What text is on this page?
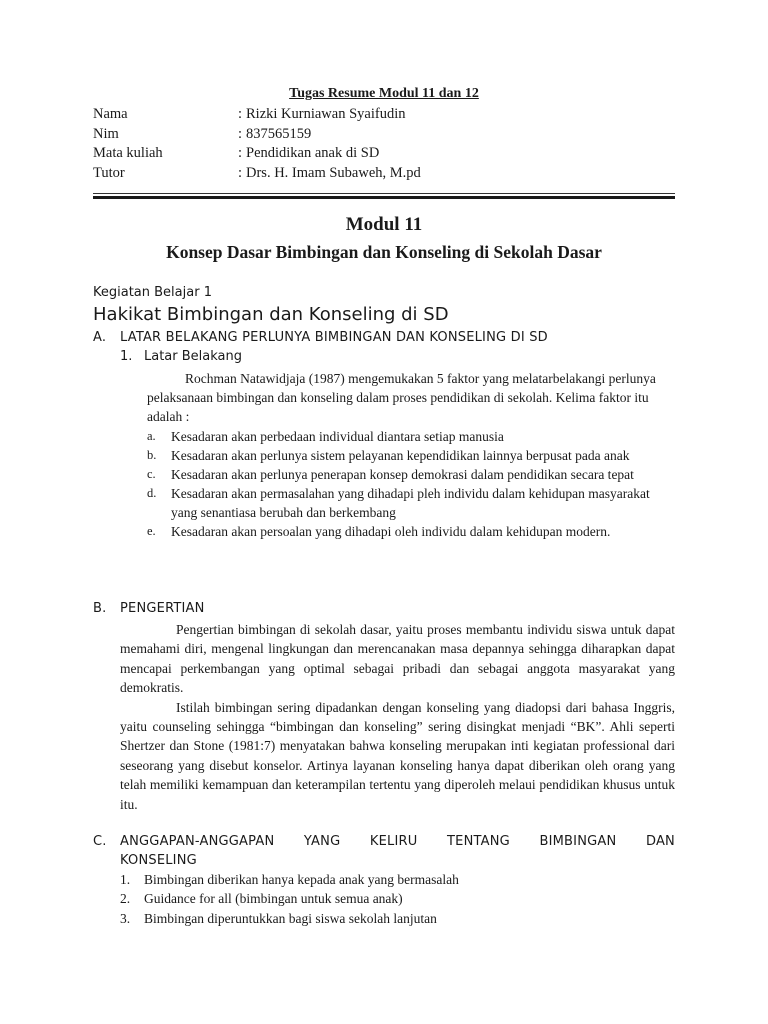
Tugas Resume Modul 11 dan 12
Nama	: Rizki Kurniawan Syaifudin
Nim	: 837565159
Mata kuliah	: Pendidikan anak di SD
Tutor	: Drs. H. Imam Subaweh, M.pd
Modul 11
Konsep Dasar Bimbingan dan Konseling di Sekolah Dasar
Kegiatan Belajar 1
Hakikat Bimbingan dan Konseling di SD
A. LATAR BELAKANG PERLUNYA BIMBINGAN DAN KONSELING DI SD
1. Latar Belakang
Rochman Natawidjaja (1987) mengemukakan 5 faktor yang melatarbelakangi perlunya pelaksanaan bimbingan dan konseling dalam proses pendidikan di sekolah. Kelima faktor itu adalah :
a. Kesadaran akan perbedaan individual diantara setiap manusia
b. Kesadaran akan perlunya sistem pelayanan kependidikan lainnya berpusat pada anak
c. Kesadaran akan perlunya penerapan konsep demokrasi dalam pendidikan secara tepat
d. Kesadaran akan permasalahan yang dihadapi pleh individu dalam kehidupan masyarakat yang senantiasa berubah dan berkembang
e. Kesadaran akan persoalan yang dihadapi oleh individu dalam kehidupan modern.
B. PENGERTIAN

Pengertian bimbingan di sekolah dasar, yaitu proses membantu individu siswa untuk dapat memahami diri, mengenal lingkungan dan merencanakan masa depannya sehingga diharapkan dapat mencapai perkembangan yang optimal sebagai pribadi dan sebagai anggota masyarakat yang demokratis.

Istilah bimbingan sering dipadankan dengan konseling yang diadopsi dari bahasa Inggris, yaitu counseling sehingga “bimbingan dan konseling” sering disingkat menjadi “BK”. Ahli seperti Shertzer dan Stone (1981:7) menyatakan bahwa konseling merupakan inti kegiatan professional dari seseorang yang disebut konselor. Artinya layanan konseling hanya dapat diberikan oleh orang yang telah memiliki kemampuan dan keterampilan tertentu yang diperoleh melaui pendidikan khusus untuk itu.

C. ANGGAPAN-ANGGAPAN YANG KELIRU TENTANG BIMBINGAN DAN
KONSELING
1. Bimbingan diberikan hanya kepada anak yang bermasalah
2. Guidance for all (bimbingan untuk semua anak)
3. Bimbingan diperuntukkan bagi siswa sekolah lanjutan
